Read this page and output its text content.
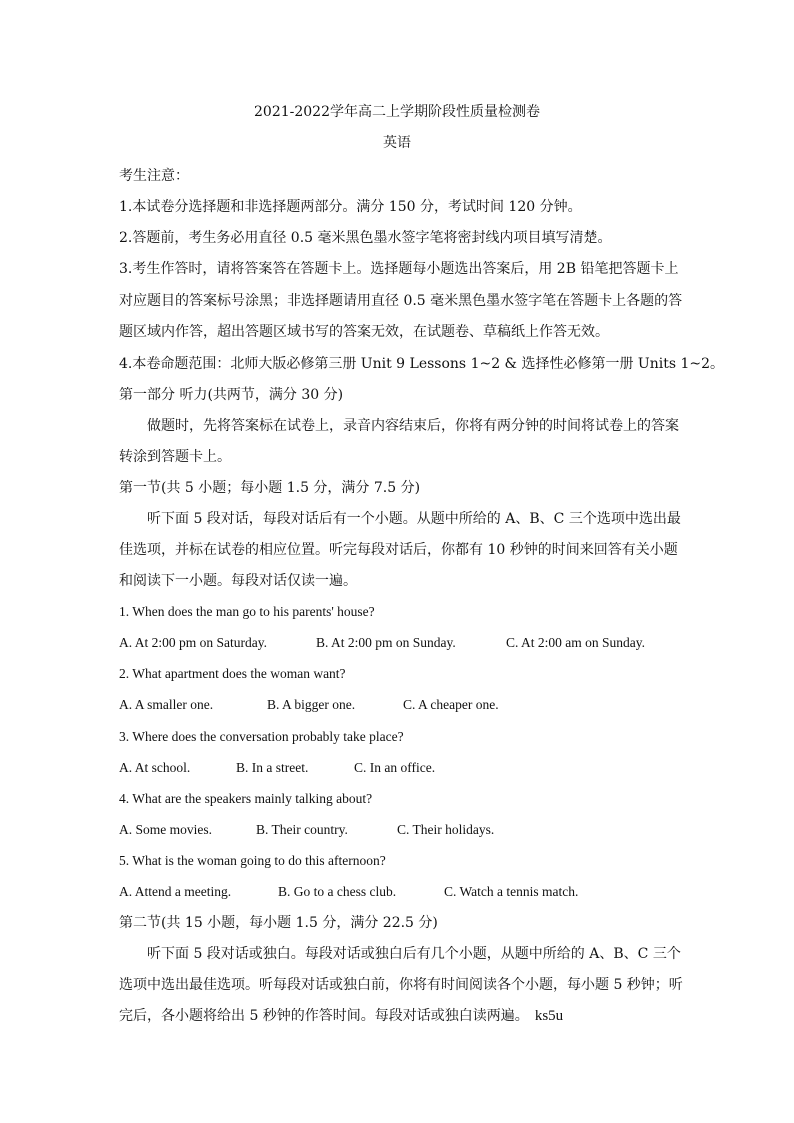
2021-2022学年高二上学期阶段性质量检测卷
英语
考生注意：
1.本试卷分选择题和非选择题两部分。满分 150 分，考试时间 120 分钟。
2.答题前，考生务必用直径 0.5 毫米黑色墨水签字笔将密封线内项目填写清楚。
3.考生作答时，请将答案答在答题卡上。选择题每小题选出答案后，用 2B 铅笔把答题卡上
对应题目的答案标号涂黑；非选择题请用直径 0.5 毫米黑色墨水签字笔在答题卡上各题的答
题区域内作答，超出答题区域书写的答案无效，在试题卷、草稿纸上作答无效。
4.本卷命题范围：北师大版必修第三册 Unit 9 Lessons 1~2 & 选择性必修第一册 Units 1~2。
第一部分 听力(共两节，满分 30 分)
做题时，先将答案标在试卷上，录音内容结束后，你将有两分钟的时间将试卷上的答案
转涂到答题卡上。
第一节(共 5 小题；每小题 1.5 分，满分 7.5 分)
听下面 5 段对话，每段对话后有一个小题。从题中所给的 A、B、C 三个选项中选出最
佳选项，并标在试卷的相应位置。听完每段对话后，你都有 10 秒钟的时间来回答有关小题
和阅读下一小题。每段对话仅读一遍。
1. When does the man go to his parents' house?
A. At 2:00 pm on Saturday.	B. At 2:00 pm on Sunday.	C. At 2:00 am on Sunday.
2. What apartment does the woman want?
A. A smaller one.	B. A bigger one.	C. A cheaper one.
3. Where does the conversation probably take place?
A. At school.	B. In a street.	C. In an office.
4. What are the speakers mainly talking about?
A. Some movies.	B. Their country.	C. Their holidays.
5. What is the woman going to do this afternoon?
A. Attend a meeting.	B. Go to a chess club.	C. Watch a tennis match.
第二节(共 15 小题，每小题 1.5 分，满分 22.5 分)
听下面 5 段对话或独白。每段对话或独白后有几个小题，从题中所给的 A、B、C 三个
选项中选出最佳选项。听每段对话或独白前，你将有时间阅读各个小题，每小题 5 秒钟；听
完后，各小题将给出 5 秒钟的作答时间。每段对话或独白读两遍。 ks5u
